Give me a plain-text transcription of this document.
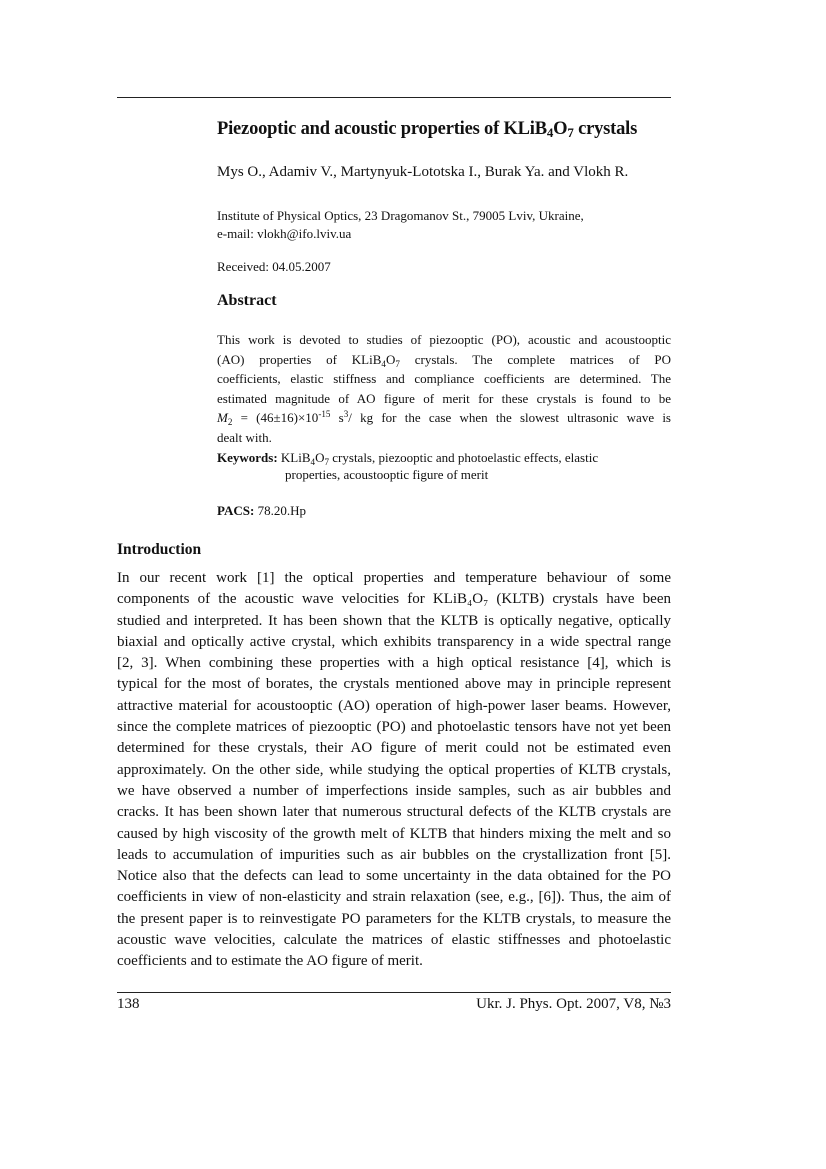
Piezooptic and acoustic properties of $KLiB_4O_7$ crystals
Mys O., Adamiv V., Martynyuk-Lototska I., Burak Ya. and Vlokh R.
Institute of Physical Optics, 23 Dragomanov St., 79005 Lviv, Ukraine,
e-mail: vlokh@ifo.lviv.ua
Received: 04.05.2007
Abstract
This work is devoted to studies of piezooptic (PO), acoustic and acoustooptic
(AO) properties of $KLiB_4O_7$ crystals. The complete matrices of PO
coefficients, elastic stiffness and compliance coefficients are determined. The
estimated magnitude of AO figure of merit for these crystals is found to be
$M_2 = (46\pm 16)\times 10^{-15}$ $s^3/$ kg for the case when the slowest ultrasonic wave is
dealt with.
Keywords: $KLiB_4O_7$ crystals, piezooptic and photoelastic effects, elastic
properties, acoustooptic figure of merit
PACS: 78.20.Hp
Introduction
In our recent work [1] the optical properties and temperature behaviour of some
components of the acoustic wave velocities for KLiB₄O₇ (KLTB) crystals have been
studied and interpreted. It has been shown that the KLTB is optically negative, optically
biaxial and optically active crystal, which exhibits transparency in a wide spectral range
[2, 3]. When combining these properties with a high optical resistance [4], which is
typical for the most of borates, the crystals mentioned above may in principle represent
attractive material for acoustooptic (AO) operation of high-power laser beams. However,
since the complete matrices of piezooptic (PO) and photoelastic tensors have not yet been
determined for these crystals, their AO figure of merit could not be estimated even
approximately. On the other side, while studying the optical properties of KLTB crystals,
we have observed a number of imperfections inside samples, such as air bubbles and
cracks. It has been shown later that numerous structural defects of the KLTB crystals are
caused by high viscosity of the growth melt of KLTB that hinders mixing the melt and so
leads to accumulation of impurities such as air bubbles on the crystallization front [5].
Notice also that the defects can lead to some uncertainty in the data obtained for the PO
coefficients in view of non-elasticity and strain relaxation (see, e.g., [6]). Thus, the aim of
the present paper is to reinvestigate PO parameters for the KLTB crystals, to measure the
acoustic wave velocities, calculate the matrices of elastic stiffnesses and photoelastic
coefficients and to estimate the AO figure of merit.
138	Ukr. J. Phys. Opt. 2007, V8, №3
